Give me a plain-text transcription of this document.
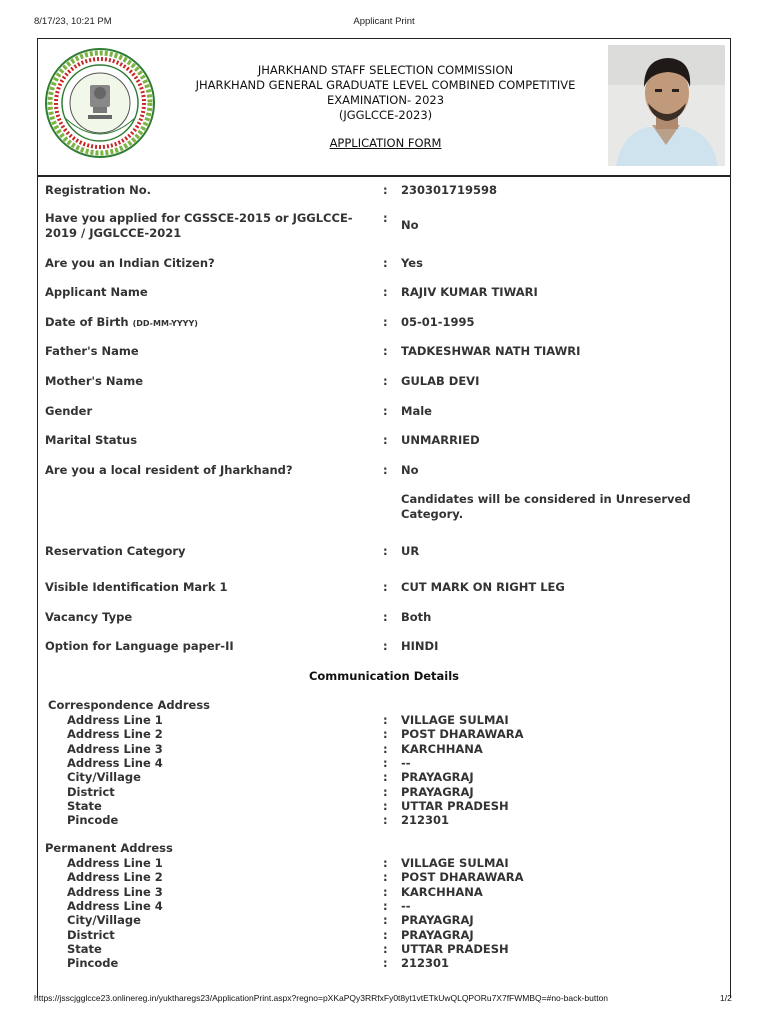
8/17/23, 10:21 PM	Applicant Print
JHARKHAND STAFF SELECTION COMMISSION
JHARKHAND GENERAL GRADUATE LEVEL COMBINED COMPETITIVE
EXAMINATION- 2023
(JGGLCCE-2023)
APPLICATION FORM
Registration No.	: 230301719598
Have you applied for CGSSCE-2015 or JGGLCCE-2019 / JGGLCCE-2021
: No
Are you an Indian Citizen?	: Yes
Applicant Name	: RAJIV KUMAR TIWARI
Date of Birth (DD-MM-YYYY)	: 05-01-1995
Father's Name	: TADKESHWAR NATH TIAWRI
Mother's Name	: GULAB DEVI
Gender	: Male
Marital Status	: UNMARRIED
Are you a local resident of Jharkhand?	: No
Candidates will be considered in Unreserved Category.
Reservation Category	: UR
Visible Identification Mark 1	: CUT MARK ON RIGHT LEG
Vacancy Type	: Both
Option for Language paper-II	: HINDI
Communication Details
Correspondence Address
Address Line 1	: VILLAGE SULMAI
Address Line 2	: POST DHARAWARA
Address Line 3	: KARCHHANA
Address Line 4	: --
City/Village	: PRAYAGRAJ
District	: PRAYAGRAJ
State	: UTTAR PRADESH
Pincode	: 212301
Permanent Address
Address Line 1	: VILLAGE SULMAI
Address Line 2	: POST DHARAWARA
Address Line 3	: KARCHHANA
Address Line 4	: --
City/Village	: PRAYAGRAJ
District	: PRAYAGRAJ
State	: UTTAR PRADESH
Pincode	: 212301
https://jsscjgglcce23.onlinereg.in/yuktharegs23/ApplicationPrint.aspx?regno=pXKaPQy3RRfxFy0t8yt1vtETkUwQLQPORu7X7fFWMBQ=#no-back-button	1/2
